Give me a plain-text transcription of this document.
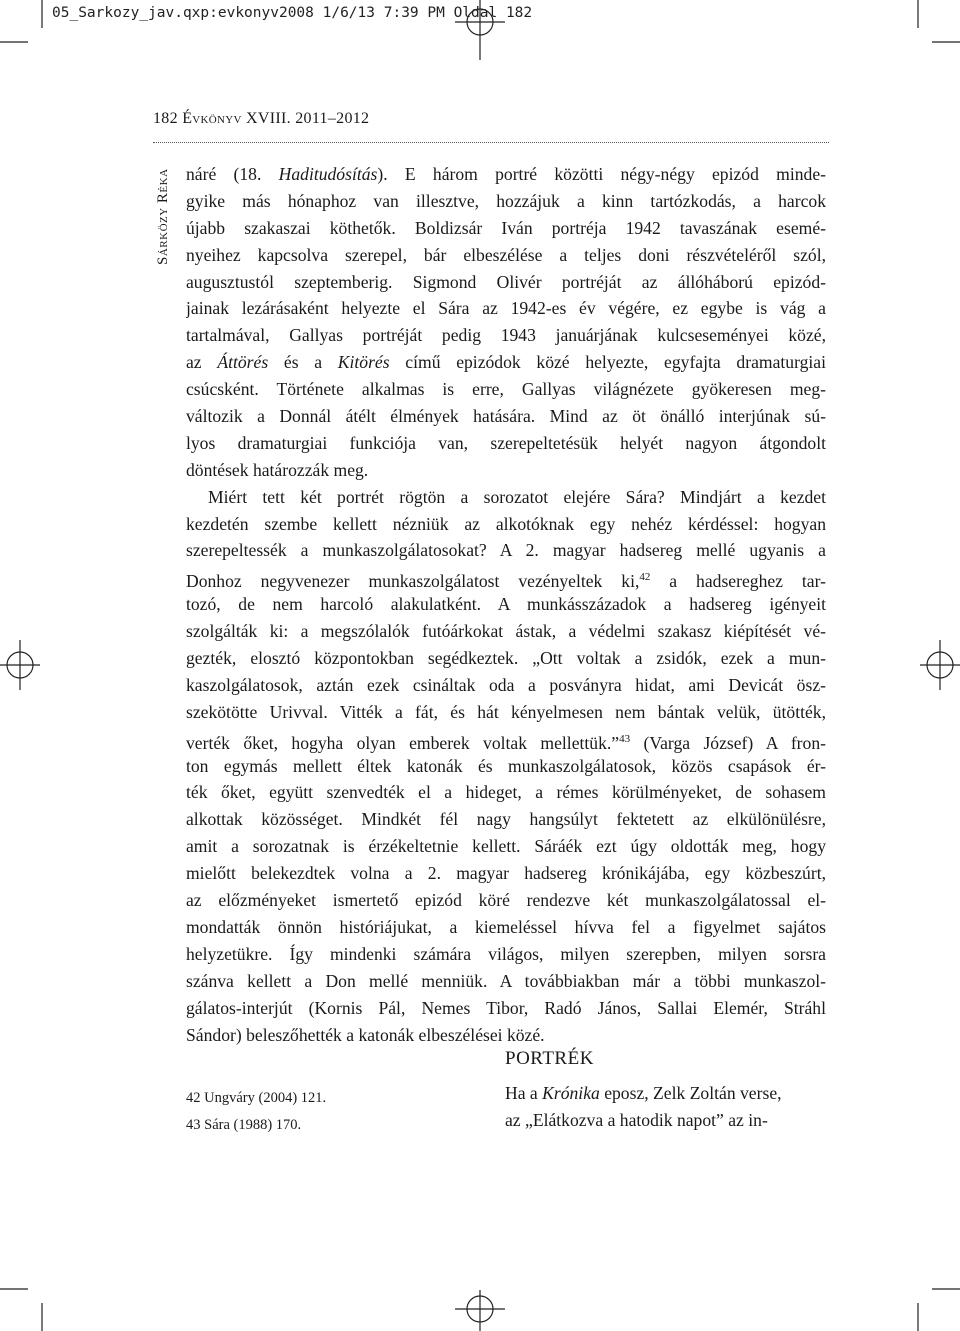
05_Sarkozy_jav.qxp:evkonyv2008 1/6/13 7:39 PM Oldal 182
182 Évkönyv XVIII. 2011–2012
Sárközy Réka náré (18. Haditudósítás). E három portré közötti négy-négy epizód minde-
gyike más hónaphoz van illesztve, hozzájuk a kinn tartózkodás, a harcok
újabb szakaszai köthetők. Boldizsár Iván portréja 1942 tavaszának esemé-
nyeihez kapcsolva szerepel, bár elbeszélése a teljes doni részvételéről szól,
augusztustól szeptemberig. Sigmond Olivér portréját az állóháború epizód-
jainak lezárásaként helyezte el Sára az 1942-es év végére, ez egybe is vág a
tartalmával, Gallyas portréját pedig 1943 januárjának kulcseseményei közé,
az Áttörés és a Kitörés című epizódok közé helyezte, egyfajta dramaturgiai
csúcsként. Története alkalmas is erre, Gallyas világnézete gyökeresen meg-
változik a Donnál átélt élmények hatására. Mind az öt önálló interjúnak sú-
lyos dramaturgiai funkciója van, szerepeltetésük helyét nagyon átgondolt
döntések határozzák meg.
Miért tett két portrét rögtön a sorozatot elejére Sára? Mindjárt a kezdet
kezdetén szembe kellett nézniük az alkotóknak egy nehéz kérdéssel: hogyan
szerepeltessék a munkaszolgálatosokat? A 2. magyar hadsereg mellé ugyanis a
Donhoz negyvenezer munkaszolgálatost vezényeltek ki,$^{42}$ a hadsereghez tar-
tozó, de nem harcoló alakulatként. A munkásszázadok a hadsereg igényeit
szolgálták ki: a megszólalók futóárkokat ástak, a védelmi szakasz kiépítését vé-
gezték, elosztó központokban segédkeztek. „Ott voltak a zsidók, ezek a mun-
kaszolgálatosok, aztán ezek csináltak oda a posványra hidat, ami Devicát ösz-
szekötötte Urivval. Vitték a fát, és hát kényelmesen nem bántak velük, ütötték,
verték őket, hogyha olyan emberek voltak mellettük.”$^{43}$ (Varga József) A fron-
ton egymás mellett éltek katonák és munkaszolgálatosok, közös csapások ér-
ték őket, együtt szenvedték el a hideget, a rémes körülményeket, de sohasem
alkottak közösséget. Mindkét fél nagy hangsúlyt fektetett az elkülönülésre,
amit a sorozatnak is érzékeltetnie kellett. Sáráék ezt úgy oldották meg, hogy
mielőtt belekezdtek volna a 2. magyar hadsereg krónikájába, egy közbeszúrt,
az előzményeket ismertető epizód köré rendezve két munkaszolgálatossal el-
mondatták önnön históriájukat, a kiemeléssel hívva fel a figyelmet sajátos
helyzetükre. Így mindenki számára világos, milyen szerepben, milyen sorsra
szánva kellett a Don mellé menniük. A továbbiakban már a többi munkaszol-
gálatos-interjút (Kornis Pál, Nemes Tibor, Radó János, Sallai Elemér, Stráhl
Sándor) beleszőhették a katonák elbeszélései közé.
42 Ungváry (2004) 121.
43 Sára (1988) 170.
PORTRÉK
Ha a Krónika eposz, Zelk Zoltán verse,
az „Elátkozva a hatodik napot” az in-
